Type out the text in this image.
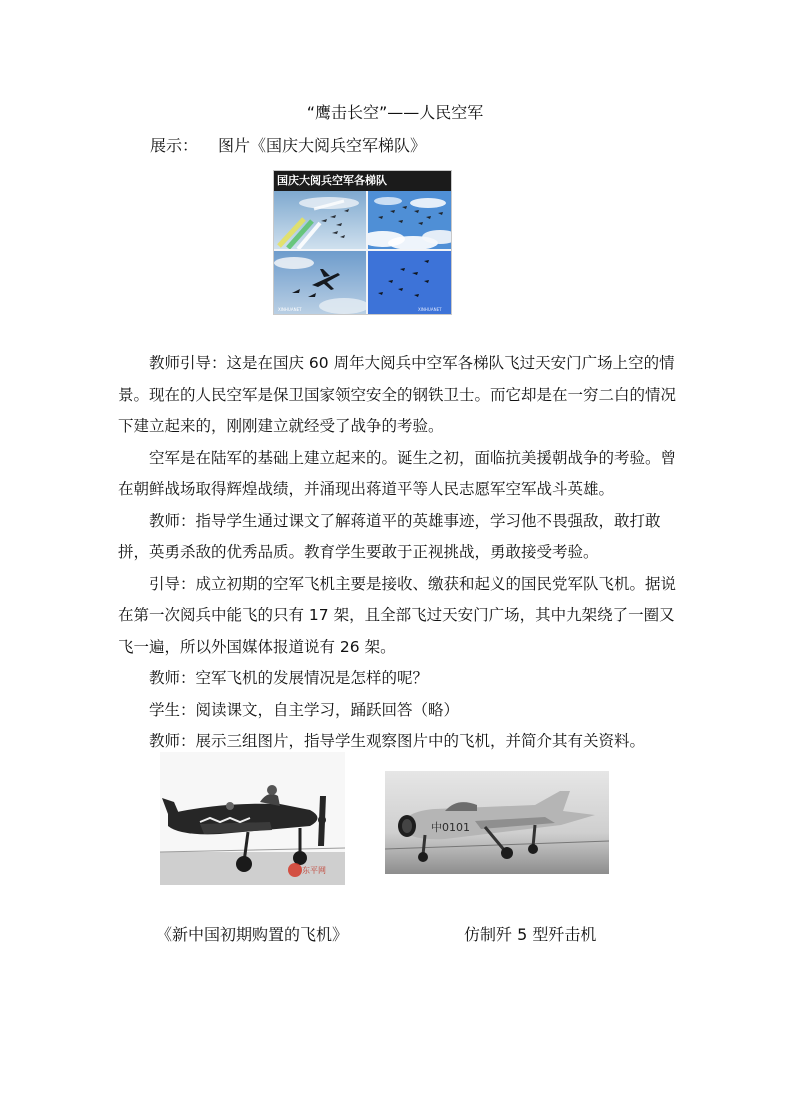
“鹰击长空”——人民空军
展示： 图片《国庆大阅兵空军梯队》
国庆大阅兵空军各梯队
XINHUANET	XINHUANET

教师引导：这是在国庆 60 周年大阅兵中空军各梯队飞过天安门广场上空的情景。现在的人民空军是保卫国家领空安全的钢铁卫士。而它却是在一穷二白的情况下建立起来的，刚刚建立就经受了战争的考验。

空军是在陆军的基础上建立起来的。诞生之初，面临抗美援朝战争的考验。曾在朝鲜战场取得辉煌战绩，并涌现出蒋道平等人民志愿军空军战斗英雄。

教师：指导学生通过课文了解蒋道平的英雄事迹，学习他不畏强敌，敢打敢拼，英勇杀敌的优秀品质。教育学生要敢于正视挑战，勇敢接受考验。

引导：成立初期的空军飞机主要是接收、缴获和起义的国民党军队飞机。据说在第一次阅兵中能飞的只有 17 架，且全部飞过天安门广场，其中九架绕了一圈又飞一遍，所以外国媒体报道说有 26 架。

教师：空军飞机的发展情况是怎样的呢？

学生：阅读课文，自主学习，踊跃回答（略）

教师：展示三组图片，指导学生观察图片中的飞机，并简介其有关资料。

东平网
中0101
《新中国初期购置的飞机》	仿制歼 5 型歼击机
